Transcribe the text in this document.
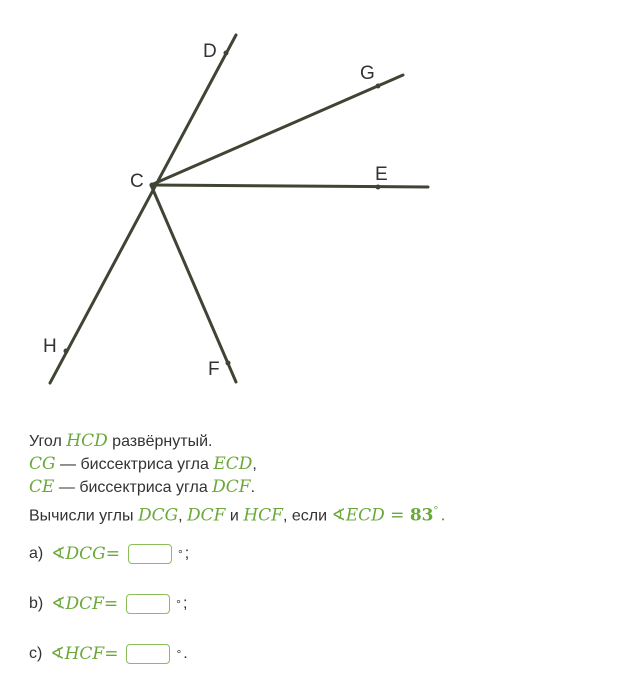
D
G
C	E
H
F
Угол HCD развёрнутый.
CG — биссектриса угла ECD,
CE — биссектриса угла DCF.
Вычисли углы DCG, DCF и HCF, если ∢ECD = 83° .
a) ∢ DCG =	° ;
b) ∢ DCF =	° ;
c) ∢ HCF =	° .
